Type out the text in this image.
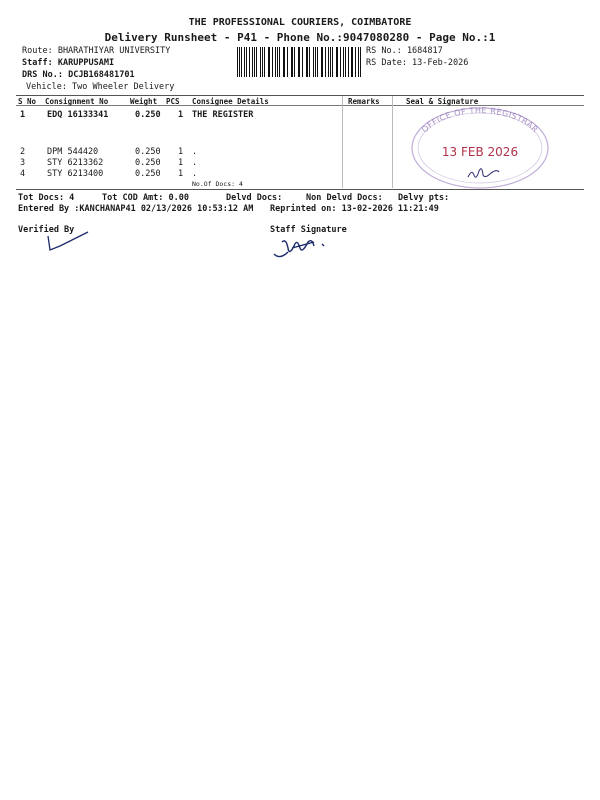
THE PROFESSIONAL COURIERS, COIMBATORE
Delivery Runsheet - P41 - Phone No.:9047080280 - Page No.:1
Route: BHARATHIYAR UNIVERSITY
Staff: KARUPPUSAMI
DRS No.: DCJB168481701
Vehicle: Two Wheeler Delivery
RS No.: 1684817
RS Date: 13-Feb-2026
S No Consignment No	Weight PCS Consignee Details	Remarks	Seal & Signature
1	EDQ 16133341	0.250 1 THE REGISTER
2	DPM 544420	0.250 1 .
3	STY 6213362	0.250 1 .
4	STY 6213400	0.250 1 .
No.Of Docs: 4
OFFICE OF THE REGISTRAR
13 FEB 2026
Tot Docs: 4	Tot COD Amt: 0.00	Delvd Docs:	Non Delvd Docs: Delvy pts:
Entered By :KANCHANAP41 02/13/2026 10:53:12 AM Reprinted on: 13-02-2026 11:21:49
Verified By	Staff Signature
